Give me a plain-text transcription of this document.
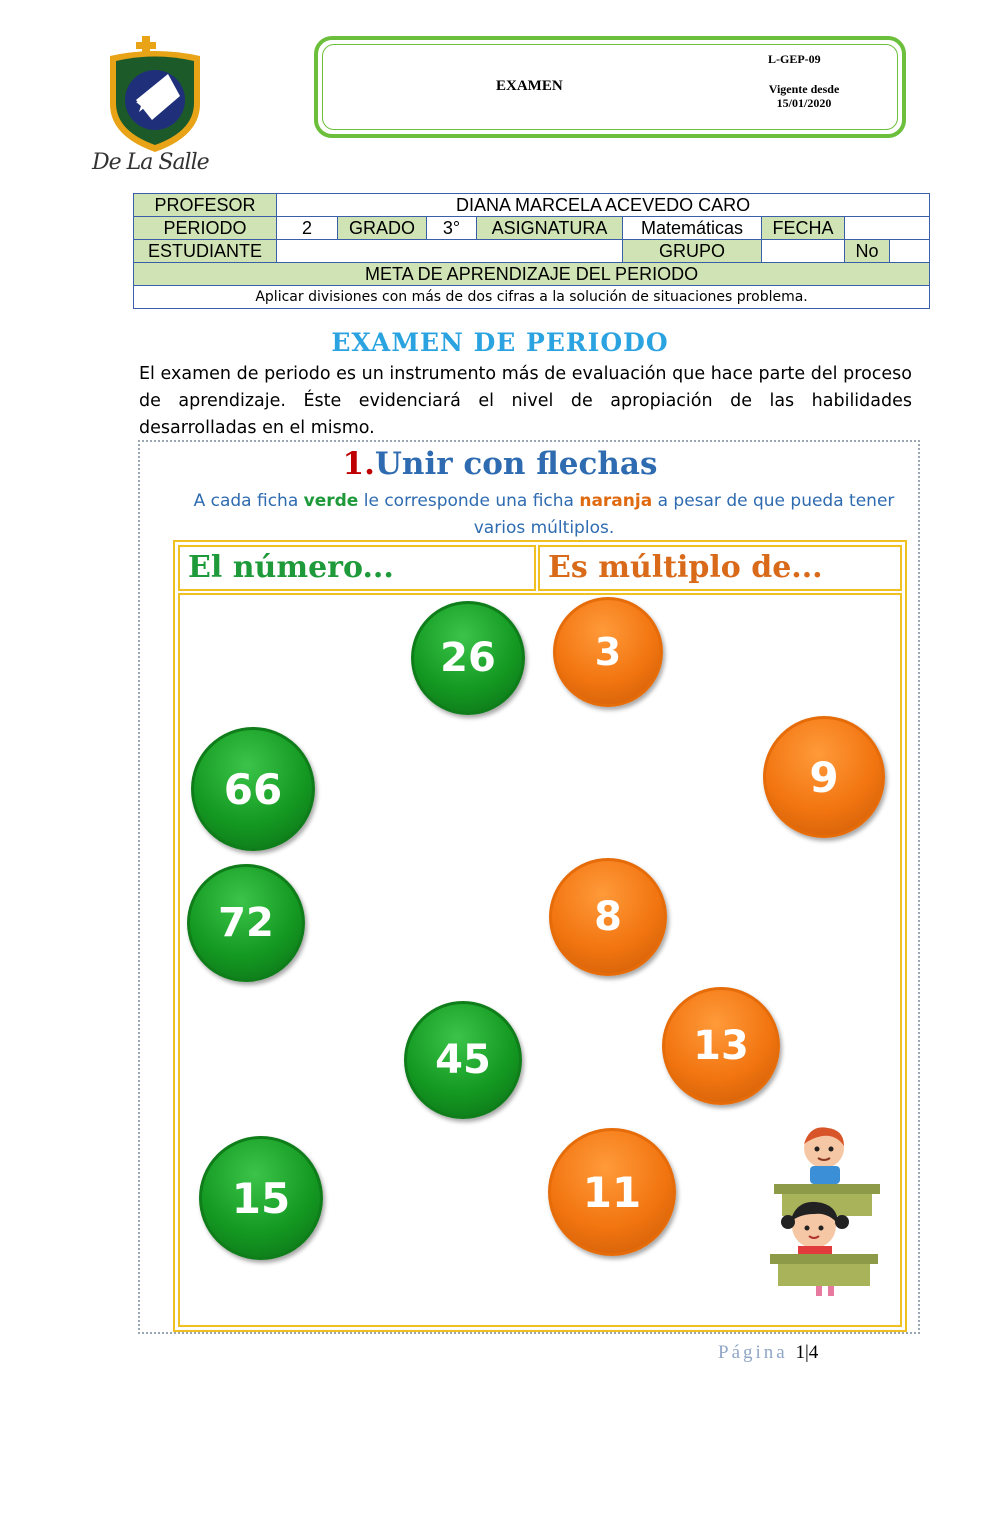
De La Salle
EXAMEN
L-GEP-09
Vigente desde
15/01/2020
PROFESOR	DIANA MARCELA ACEVEDO CARO							
PERIODO	2	GRADO	3°	ASIGNATURA	Matemáticas	FECHA		
ESTUDIANTE					GRUPO		No	
META DE APRENDIZAJE DEL PERIODO								
Aplicar divisiones con más de dos cifras a la solución de situaciones problema.								
EXAMEN DE PERIODO
El examen de periodo es un instrumento más de evaluación que hace parte del proceso de aprendizaje. Éste evidenciará el nivel de apropiación de las habilidades desarrolladas en el mismo.
1.Unir con flechas
A cada ficha verde le corresponde una ficha naranja a pesar de que pueda tener varios múltiplos.
El número...	Es múltiplo de...
26
66
72
45
15
3
9
8
13
11
Página 1|4
